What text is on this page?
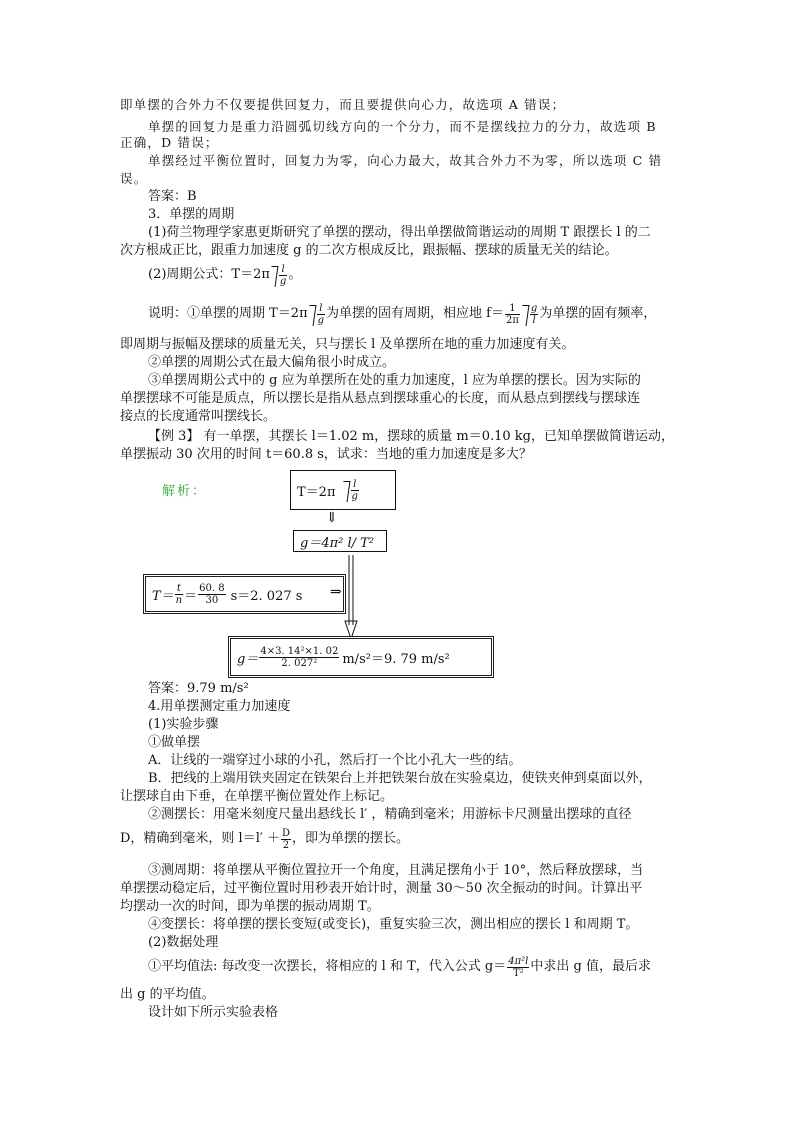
即单摆的合外力不仅要提供回复力，而且要提供向心力，故选项 A 错误；
单摆的回复力是重力沿圆弧切线方向的一个分力，而不是摆线拉力的分力，故选项 B
正确，D 错误；
单摆经过平衡位置时，回复力为零，向心力最大，故其合外力不为零，所以选项 C 错
误。
答案：B
3．单摆的周期
(1)荷兰物理学家惠更斯研究了单摆的摆动，得出单摆做简谐运动的周期 T 跟摆长 l 的二
次方根成正比，跟重力加速度 g 的二次方根成反比，跟振幅、摆球的质量无关的结论。
(2)周期公式：$T=2\pi \frac{l}{g}$ 。
说明：①单摆的周期 $T=2\pi \frac{l}{g}$ 为单摆的固有周期，相应地 $f= \frac{1}{2\pi} \frac{g}{l}$ 为单摆的固有频率，
即周期与振幅及摆球的质量无关，只与摆长 l 及单摆所在地的重力加速度有关。
②单摆的周期公式在最大偏角很小时成立。
③单摆周期公式中的 g 应为单摆所在处的重力加速度，l 应为单摆的摆长。因为实际的
单摆摆球不可能是质点，所以摆长是指从悬点到摆球重心的长度，而从悬点到摆线与摆球连
接点的长度通常叫摆线长。
【例 3】 有一单摆，其摆长 l＝1.02 m，摆球的质量 m＝0.10 kg，已知单摆做简谐运动，
单摆振动 30 次用的时间 t＝60.8 s，试求：当地的重力加速度是多大？
解析：	$T=2\pi \frac{l}{g}$
⇓
g＝4π² l/ T²
$T= \frac{t}{n} = \frac{60. 8}{30} s=2$. 027 s ⇒
$g= \frac{\text{4×3. 14²×1. 02}}{\text{2. 027²}} m/s^2=9$. 79 m/s²
答案：9.79 m/s²
4.用单摆测定重力加速度
(1)实验步骤
①做单摆
A．让线的一端穿过小球的小孔，然后打一个比小孔大一些的结。
B．把线的上端用铁夹固定在铁架台上并把铁架台放在实验桌边，使铁夹伸到桌面以外，
让摆球自由下垂，在单摆平衡位置处作上标记。
②测摆长：用毫米刻度尺量出悬线长 l′ ，精确到毫米；用游标卡尺测量出摆球的直径
D，精确到毫米，则 $l=l' + \frac{D}{2}$ ，即为单摆的摆长。
③测周期：将单摆从平衡位置拉开一个角度，且满足摆角小于 10°，然后释放摆球，当
单摆摆动稳定后，过平衡位置时用秒表开始计时，测量 30～50 次全振动的时间。计算出平
均摆动一次的时间，即为单摆的振动周期 T。
④变摆长：将单摆的摆长变短(或变长)，重复实验三次，测出相应的摆长 l 和周期 T。
(2)数据处理
①平均值法: 每改变一次摆长，将相应的 l 和 T，代入公式 $g= \frac{\text{4π²l}}{\text{T²}}$ 中求出 g 值，最后求
出 g 的平均值。
设计如下所示实验表格
